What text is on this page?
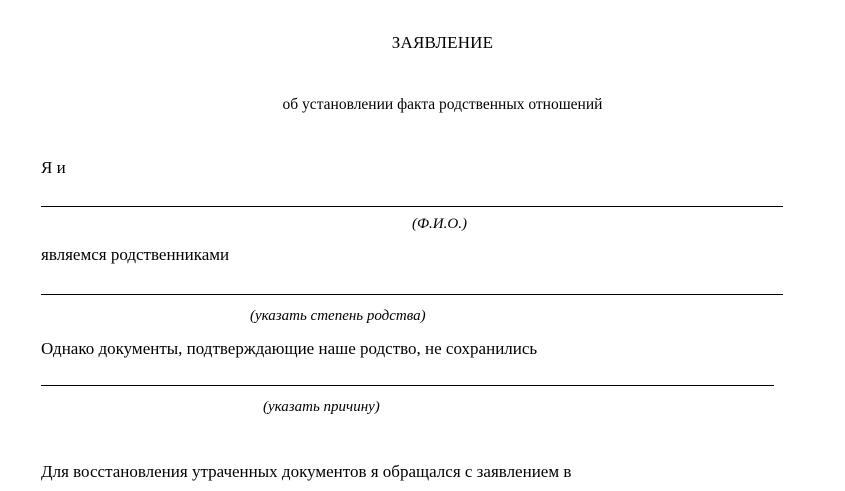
ЗАЯВЛЕНИЕ
об установлении факта родственных отношений
Я и
(Ф.И.О.)
являемся родственниками
(указать степень родства)
Однако документы, подтверждающие наше родство, не сохранились
(указать причину)
Для восстановления утраченных документов я обращался с заявлением в
